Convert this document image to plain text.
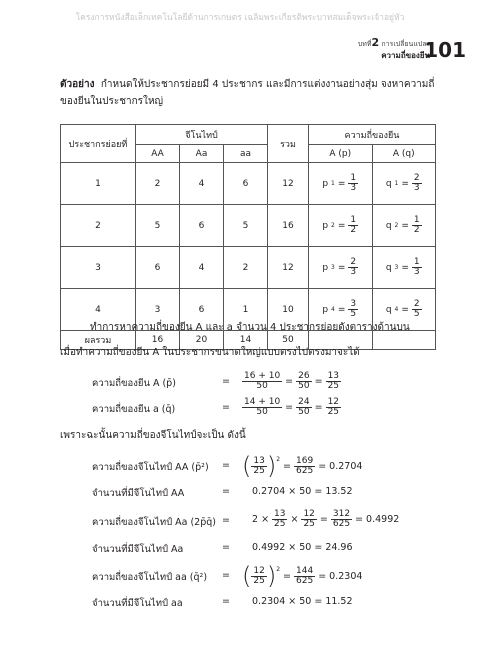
โครงการหนังสือเล็กเทคโนโลยีด้านการเกษตร เฉลิมพระเกียรติพระบาทสมเด็จพระเจ้าอยู่หัว
บทที่2 การเปลี่ยนแปลง
ความถี่ของยีน
101
ตัวอย่าง กำหนดให้ประชากรย่อยมี 4 ประชากร และมีการแต่งงานอย่างสุ่ม จงหาความถี่ของยีนในประชากรใหญ่
ประชากรย่อยที่	จีโนไทป์			รวม	ความถี่ของยีน	
	AA	Aa	aa		A (p)	A (q)
1	2	4	6	12	p $1 = \frac{1}{3}$	q $1 = \frac{2}{3}$

2	5	6	5	16	p $2 = \frac{1}{2}$	q $2 = \frac{1}{2}$

3	6	4	2	12	p $3 = \frac{2}{3}$	q $3 = \frac{1}{3}$

4	3	6	1	10	p $4 = \frac{3}{5}$	q $4 = \frac{2}{5}$

ผลรวม	16	20	14	50		
ทำการหาความถี่ของยีน A และ a จำนวน 4 ประชากรย่อยดังตารางด้านบน
เมื่อทำความถี่ของยีน A ในประชากรขนาดใหญ่แบบตรงไปตรงมาจะได้
ความถี่ของยีน A (p̄)	= $\frac{16 + 10}{50} = \frac{26}{50} = \frac{13}{25}$
ความถี่ของยีน a (q̄)	= $\frac{14 + 10}{50} = \frac{24}{50} = \frac{12}{25}$
เพราะฉะนั้นความถี่ของจีโนไทป์จะเป็น ดังนี้
ความถี่ของจีโนไทป์ AA (p̄²) = ( $\frac{13}{25}$ ) 2
= $\frac{169}{625} = 0.2704$
จำนวนที่มีจีโนไทป์ AA	= 0.2704 × 50 = 13.52
ความถี่ของจีโนไทป์ Aa (2p̄q̄) = $2 \times \frac{13}{25} \times \frac{12}{25} = \frac{312}{625} = 0.4992$
จำนวนที่มีจีโนไทป์ Aa	= 0.4992 × 50 = 24.96
ความถี่ของจีโนไทป์ aa (q̄²) = ( $\frac{12}{25}$ ) 2
= $\frac{144}{625} = 0.2304$
จำนวนที่มีจีโนไทป์ aa	= 0.2304 × 50 = 11.52
